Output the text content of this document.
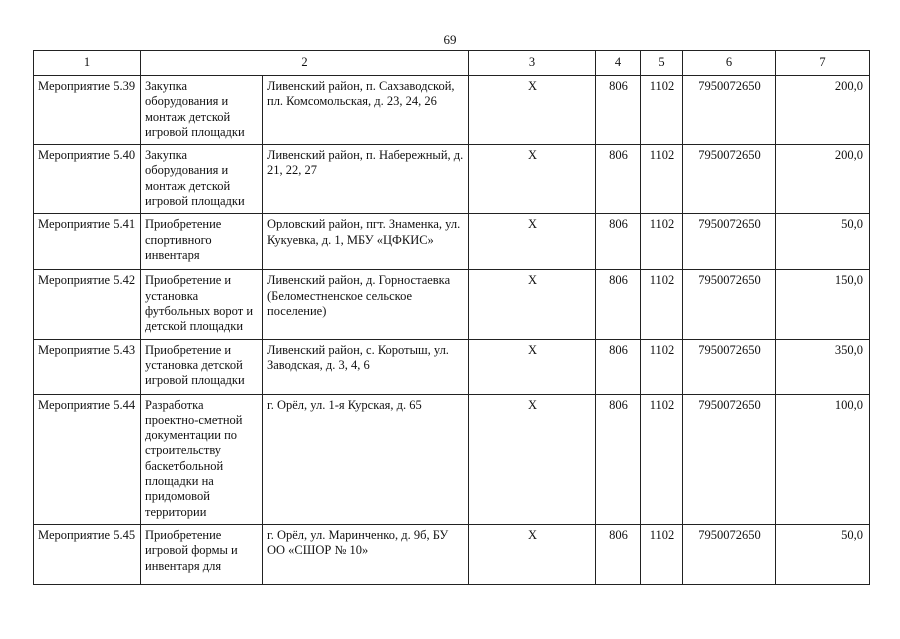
69
1	2		3	4	5	6	7
Мероприятие 5.39	Закупка оборудования и монтаж детской игровой площадки	Ливенский район, п. Сахзаводской, пл. Комсомольская, д. 23, 24, 26	X	806	1102	7950072650	200,0
Мероприятие 5.40	Закупка оборудования и монтаж детской игровой площадки	Ливенский район, п. Набережный, д. 21, 22, 27	X	806	1102	7950072650	200,0
Мероприятие 5.41	Приобретение спортивного инвентаря	Орловский район, пгт. Знаменка, ул. Кукуевка, д. 1, МБУ «ЦФКИС»	X	806	1102	7950072650	50,0
Мероприятие 5.42	Приобретение и установка футбольных ворот и детской площадки	Ливенский район, д. Горностаевка (Беломестненское сельское поселение)	X	806	1102	7950072650	150,0
Мероприятие 5.43	Приобретение и установка детской игровой площадки	Ливенский район, с. Коротыш, ул. Заводская, д. 3, 4, 6	X	806	1102	7950072650	350,0
Мероприятие 5.44	Разработка проектно-сметной документации по строительству баскетбольной площадки на придомовой территории	г. Орёл, ул. 1-я Курская, д. 65	X	806	1102	7950072650	100,0
Мероприятие 5.45	Приобретение игровой формы и инвентаря для	г. Орёл, ул. Маринченко, д. 9б, БУ ОО «СШОР № 10»	X	806	1102	7950072650	50,0
